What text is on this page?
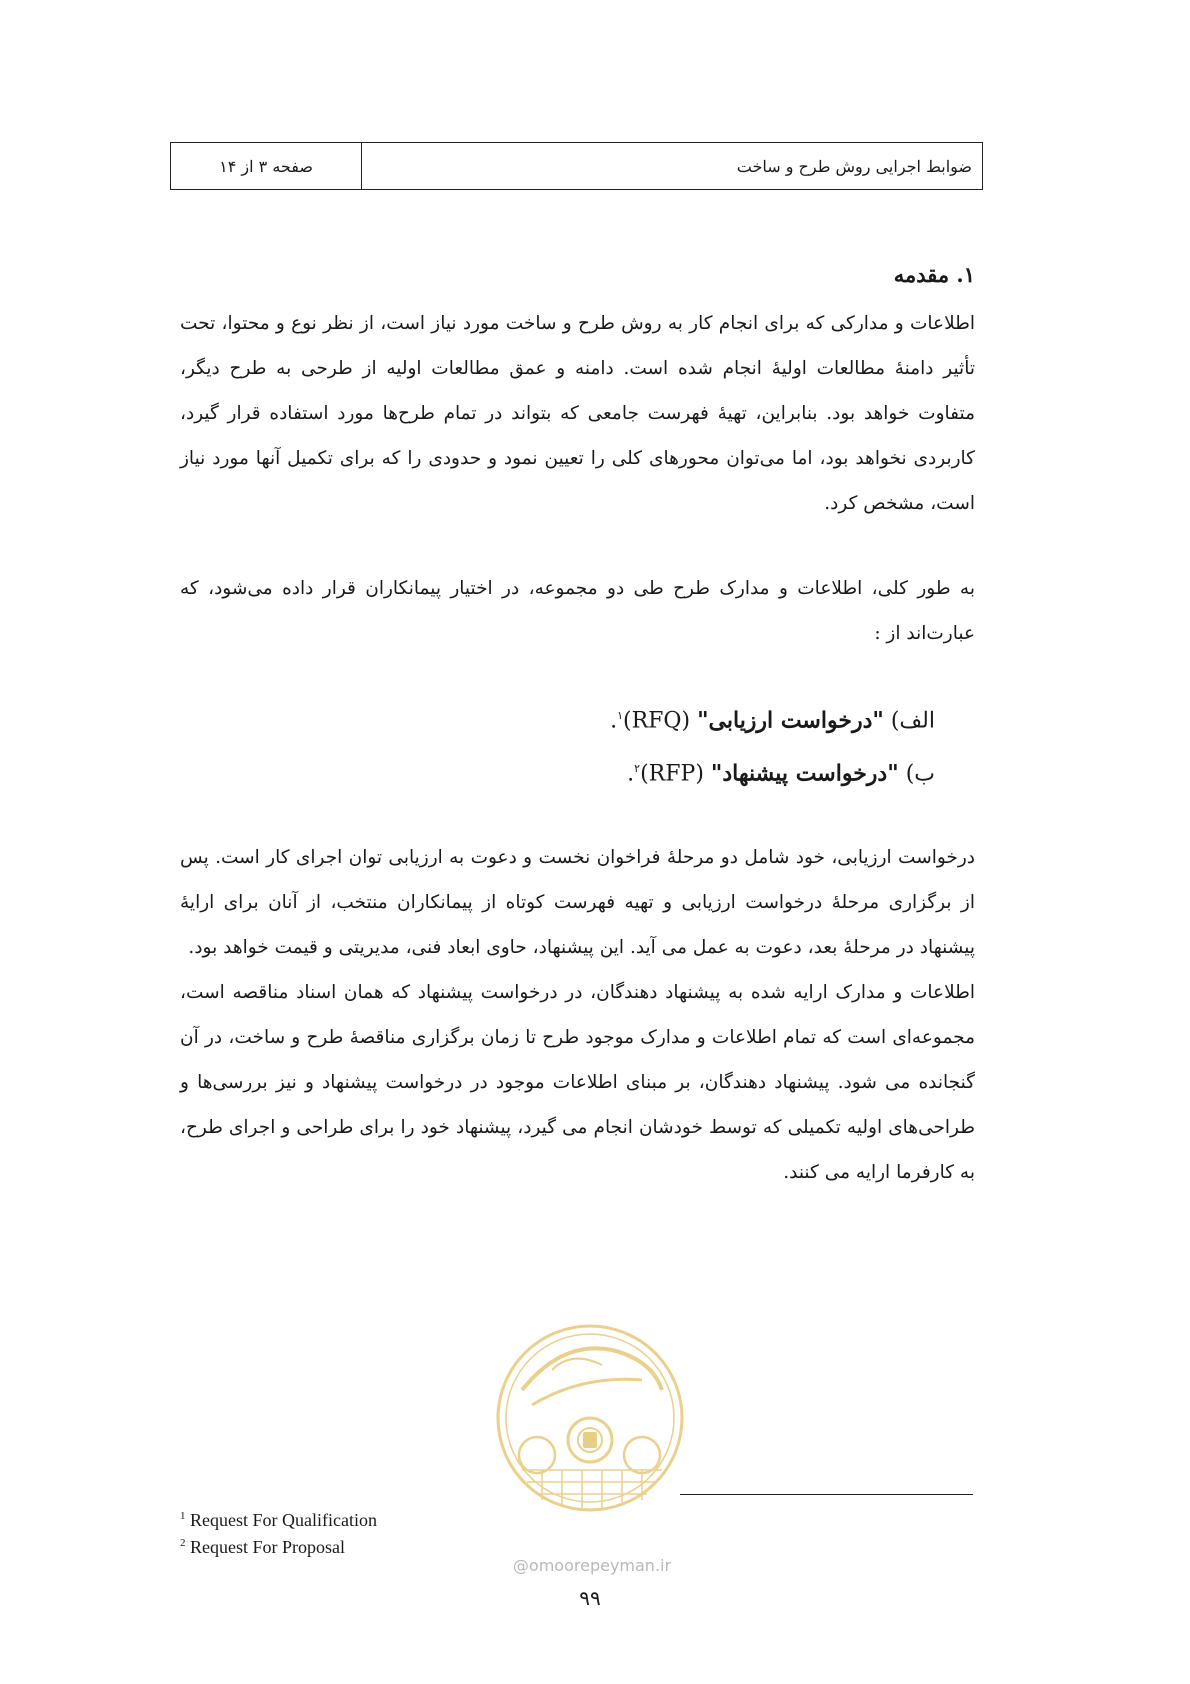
ضوابط اجرایی روش طرح و ساخت
صفحه ۳ از ۱۴
۱. مقدمه

اطلاعات و مدارکی که برای انجام کار به روش طرح و ساخت مورد نیاز است، از نظر نوع و محتوا، تحت تأثیر دامنهٔ مطالعات اولیهٔ انجام شده است. دامنه و عمق مطالعات اولیه از طرحی به طرح دیگر، متفاوت خواهد بود. بنابراین، تهیهٔ فهرست جامعی که بتواند در تمام طرح‌ها مورد استفاده قرار گیرد، کاربردی نخواهد بود، اما می‌توان محورهای کلی را تعیین نمود و حدودی را که برای تکمیل آنها مورد نیاز است، مشخص کرد.

به طور کلی، اطلاعات و مدارک طرح طی دو مجموعه، در اختیار پیمانکاران قرار داده می‌شود، که عبارت‌اند از :

الف) "درخواست ارزیابی" (RFQ)$^۱$.
ب) "درخواست پیشنهاد" (RFP)$^۲$.

درخواست ارزیابی، خود شامل دو مرحلهٔ فراخوان نخست و دعوت به ارزیابی توان اجرای کار است. پس از برگزاری مرحلهٔ درخواست ارزیابی و تهیه فهرست کوتاه از پیمانکاران منتخب، از آنان برای ارایهٔ پیشنهاد در مرحلهٔ بعد، دعوت به عمل می آید. این پیشنهاد، حاوی ابعاد فنی، مدیریتی و قیمت خواهد بود.

اطلاعات و مدارک ارایه شده به پیشنهاد دهندگان، در درخواست پیشنهاد که همان اسناد مناقصه است، مجموعه‌ای است که تمام اطلاعات و مدارک موجود طرح تا زمان برگزاری مناقصهٔ طرح و ساخت، در آن گنجانده می شود. پیشنهاد دهندگان، بر مبنای اطلاعات موجود در درخواست پیشنهاد و نیز بررسی‌ها و طراحی‌های اولیه تکمیلی که توسط خودشان انجام می گیرد، پیشنهاد خود را برای طراحی و اجرای طرح، به کارفرما ارایه می کنند.

$^1$ Request For Qualification
$^2$ Request For Proposal
@omoorepeyman.ir
۹۹
